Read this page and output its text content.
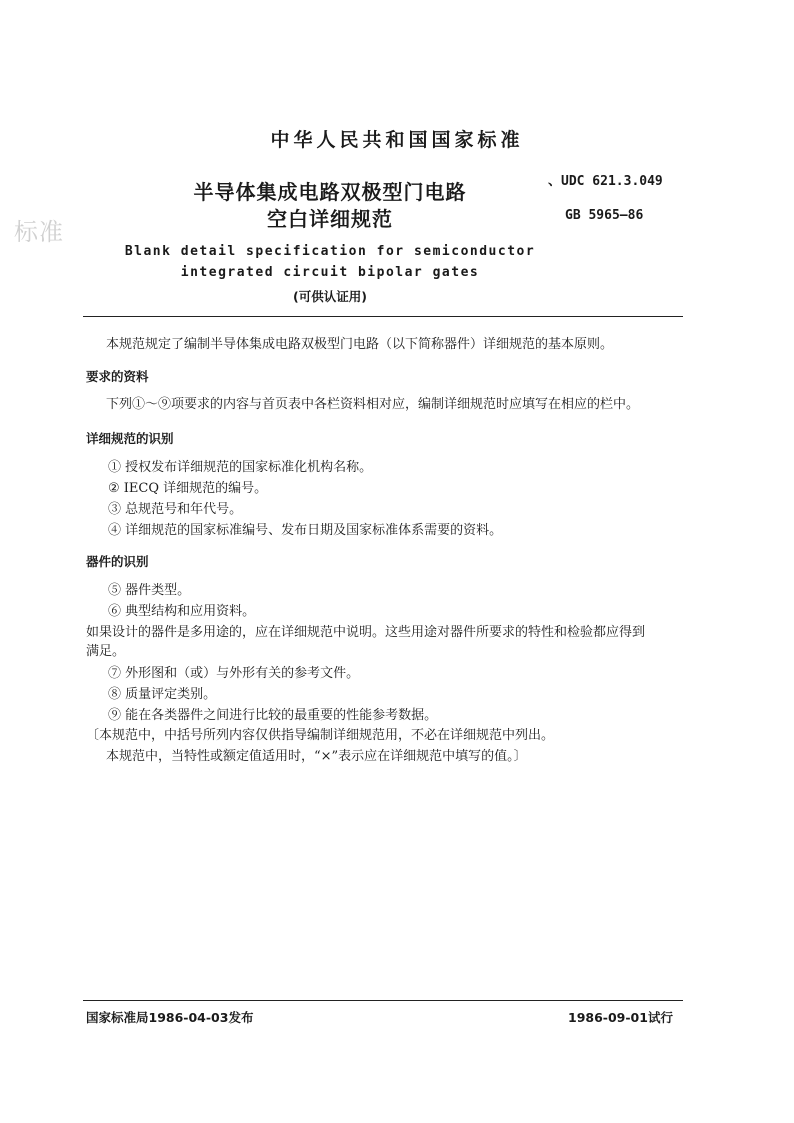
中华人民共和国国家标准
标准
、UDC 621.3.049
GB 5965—86
半导体集成电路双极型门电路
空白详细规范
Blank detail specification for semiconductor
integrated circuit bipolar gates
(可供认证用)
本规范规定了编制半导体集成电路双极型门电路（以下简称器件）详细规范的基本原则。
要求的资料
下列①～⑨项要求的内容与首页表中各栏资料相对应，编制详细规范时应填写在相应的栏中。
详细规范的识别
① 授权发布详细规范的国家标准化机构名称。
② IECQ 详细规范的编号。
③ 总规范号和年代号。
④ 详细规范的国家标准编号、发布日期及国家标准体系需要的资料。
器件的识别
⑤ 器件类型。
⑥ 典型结构和应用资料。
如果设计的器件是多用途的，应在详细规范中说明。这些用途对器件所要求的特性和检验都应得到
满足。
⑦ 外形图和（或）与外形有关的参考文件。
⑧ 质量评定类别。
⑨ 能在各类器件之间进行比较的最重要的性能参考数据。
〔本规范中，中括号所列内容仅供指导编制详细规范用，不必在详细规范中列出。
本规范中，当特性或额定值适用时，“×”表示应在详细规范中填写的值。〕
国家标准局1986-04-03发布	1986-09-01试行
